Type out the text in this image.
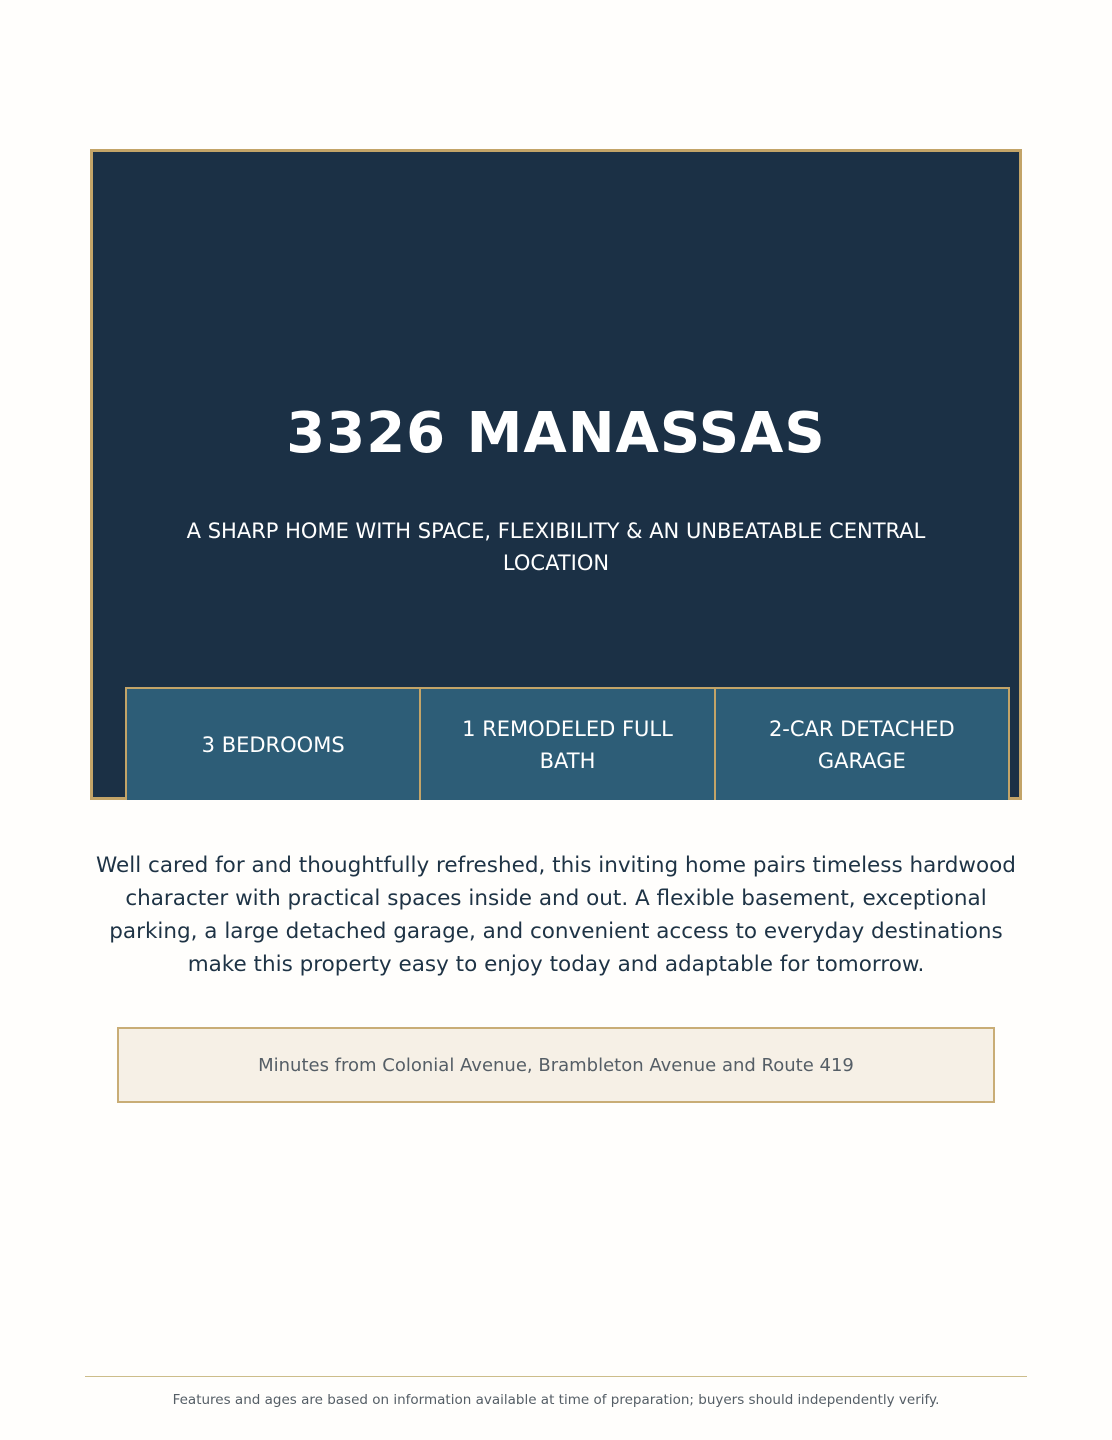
3326 MANASSAS

A SHARP HOME WITH SPACE, FLEXIBILITY & AN UNBEATABLE CENTRAL LOCATION

3 BEDROOMS
1 REMODELED FULL BATH
2-CAR DETACHED GARAGE

Well cared for and thoughtfully refreshed, this inviting home pairs timeless hardwood character with practical spaces inside and out. A flexible basement, exceptional parking, a large detached garage, and convenient access to everyday destinations make this property easy to enjoy today and adaptable for tomorrow.

Minutes from Colonial Avenue, Brambleton Avenue and Route 419

Features and ages are based on information available at time of preparation; buyers should independently verify.
